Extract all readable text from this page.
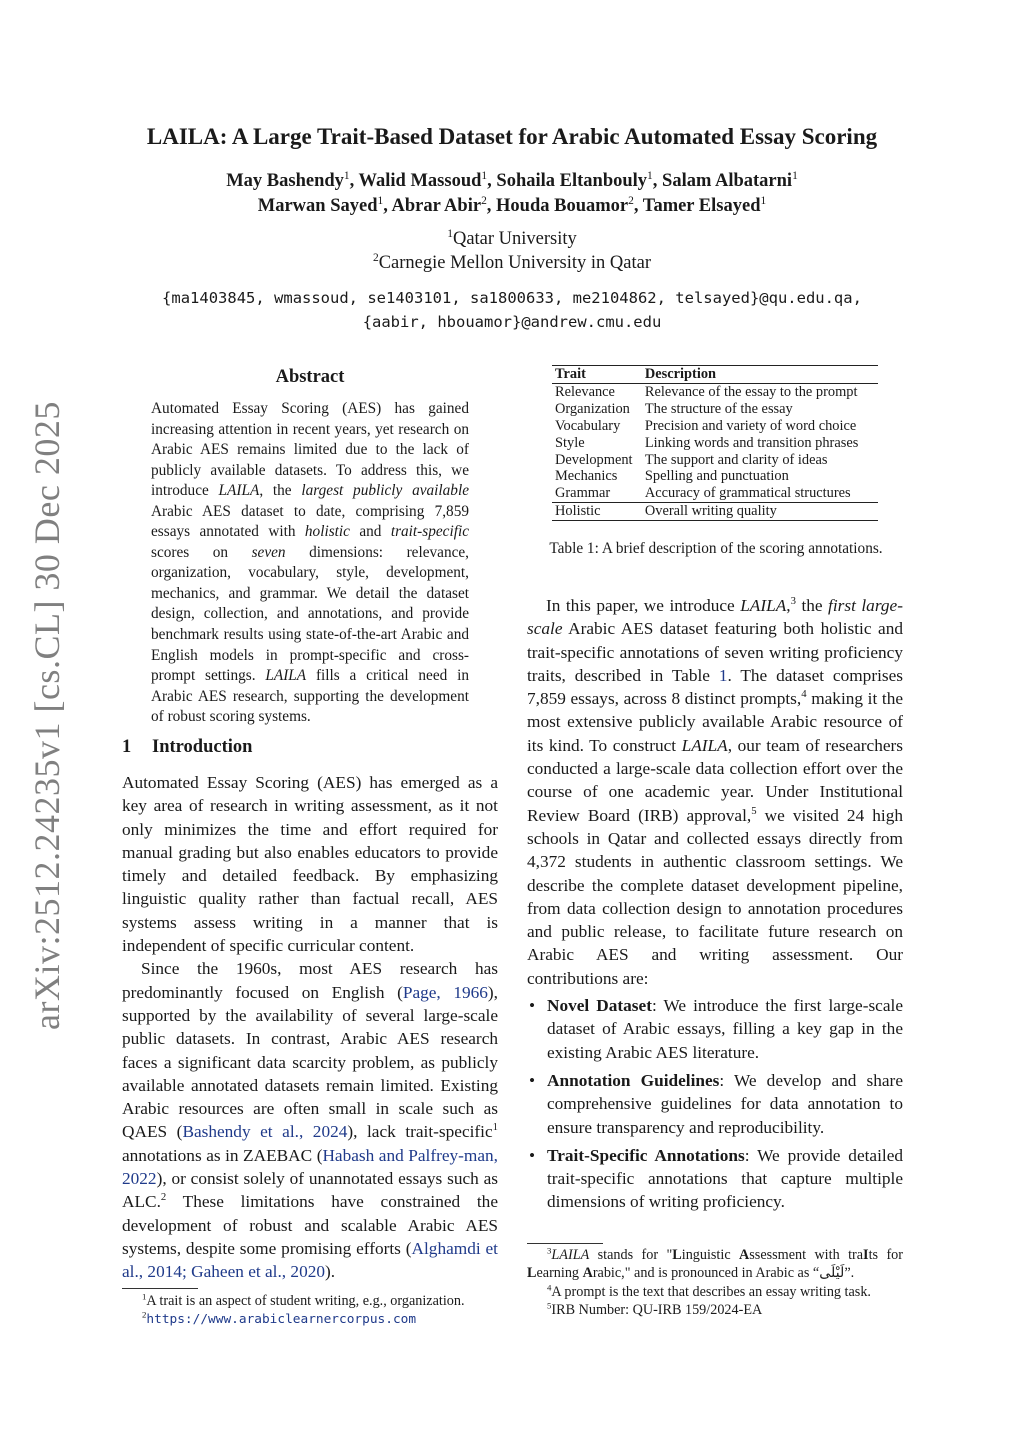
arXiv:2512.24235v1 [cs.CL] 30 Dec 2025
LAILA: A Large Trait-Based Dataset for Arabic Automated Essay Scoring
May Bashendy$^1$, Walid Massoud$^1$, Sohaila Eltanbouly$^1$, Salam Albatarni$^1$
Marwan Sayed$^1$, Abrar Abir$^2$, Houda Bouamor$^2$, Tamer Elsayed$^1$
$^1$Qatar University
$^2$Carnegie Mellon University in Qatar
{ma1403845, wmassoud, se1403101, sa1800633, me2104862, telsayed}@qu.edu.qa,
{aabir, hbouamor}@andrew.cmu.edu
Abstract
Automated Essay Scoring (AES) has gained increasing attention in recent years, yet research on Arabic AES remains limited due to the lack of publicly available datasets. To address this, we introduce LAILA, the largest publicly available Arabic AES dataset to date, comprising 7,859 essays annotated with holistic and trait-specific scores on seven dimensions: relevance, organization, vocabulary, style, development, mechanics, and grammar. We detail the dataset design, collection, and annotations, and provide benchmark results using state-of-the-art Arabic and English models in prompt-specific and cross-prompt settings. LAILA fills a critical need in Arabic AES research, supporting the development of robust scoring systems.
1 Introduction

Automated Essay Scoring (AES) has emerged as a key area of research in writing assessment, as it not only minimizes the time and effort required for manual grading but also enables educators to provide timely and detailed feedback. By emphasizing linguistic quality rather than factual recall, AES systems assess writing in a manner that is independent of specific curricular content.

Since the 1960s, most AES research has predominantly focused on English (Page, 1966), supported by the availability of several large-scale public datasets. In contrast, Arabic AES research faces a significant data scarcity problem, as publicly available annotated datasets remain limited. Existing Arabic resources are often small in scale such as QAES (Bashendy et al., 2024), lack trait-specific$^1$ annotations as in ZAEBAC (Habash and Palfrey-man, 2022), or consist solely of unannotated essays such as ALC.$^2$ These limitations have constrained the development of robust and scalable Arabic AES systems, despite some promising efforts (Alghamdi et al., 2014; Gaheen et al., 2020).

$^1$A trait is an aspect of student writing, e.g., organization.
$^2$https://www.arabiclearnercorpus.com
Trait	Description
Relevance	Relevance of the essay to the prompt
Organization	The structure of the essay
Vocabulary	Precision and variety of word choice
Style	Linking words and transition phrases
Development	The support and clarity of ideas
Mechanics	Spelling and punctuation
Grammar	Accuracy of grammatical structures
Holistic	Overall writing quality
Table 1: A brief description of the scoring annotations.

In this paper, we introduce LAILA,$^3$ the first large-scale Arabic AES dataset featuring both holistic and trait-specific annotations of seven writing proficiency traits, described in Table 1. The dataset comprises 7,859 essays, across 8 distinct prompts,$^4$ making it the most extensive publicly available Arabic resource of its kind. To construct LAILA, our team of researchers conducted a large-scale data collection effort over the course of one academic year. Under Institutional Review Board (IRB) approval,$^5$ we visited 24 high schools in Qatar and collected essays directly from 4,372 students in authentic classroom settings. We describe the complete dataset development pipeline, from data collection design to annotation procedures and public release, to facilitate future research on Arabic AES and writing assessment. Our contributions are:

• Novel Dataset: We introduce the first large-scale dataset of Arabic essays, filling a key gap in the existing Arabic AES literature.
• Annotation Guidelines: We develop and share comprehensive guidelines for data annotation to ensure transparency and reproducibility.
• Trait-Specific Annotations: We provide detailed trait-specific annotations that capture multiple dimensions of writing proficiency.
$^3$LAILA stands for "Linguistic Assessment with traIts for Learning Arabic," and is pronounced in Arabic as “لَيْلَى”.
$^4$A prompt is the text that describes an essay writing task.
$^5$IRB Number: QU-IRB 159/2024-EA
